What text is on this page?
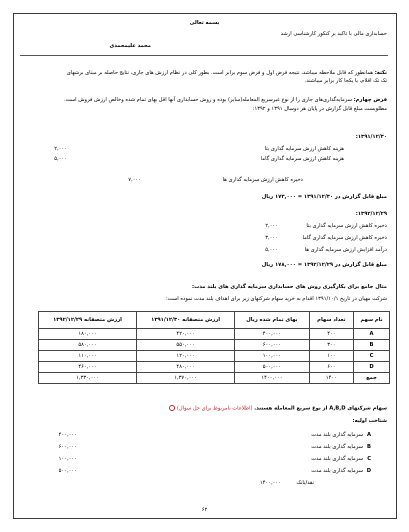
بسمه تعالی
حسابداری مالی با تاکید بر کنکور کارشناسی ارشد
محمد علیمحمدی
نکته: همانطور که قابل ملاحظه میباشد، نتیجه فرض اول و فرض سوم برابر است. بطور کلی در نظام ارزش های جاری، نتایج حاصله بر مبنای برشهای
تک تک اقلام، یا یکجا کار برابر میباشند.
فرض چهارم: سرمایه‌گذاری‌های جاری را از نوع غیرسریع المعامله(سایر) بوده و روش حسابداری آنها اقل بهای تمام شده وخالص ارزش فروش است.
مطلوبست مبلغ قابل گزارش در پایان هر دوسال ۱۳۹۱ و ۱۳۹۲:
۱۳۹۱/۱۲/۳۰:
هزینه کاهش ارزش سرمایه گذاری بتا
۲,۰۰۰
هزینه کاهش ارزش سرمایه گذاری گاما
۵,۰۰۰
ذخیره کاهش ارزش سرمایه گذاری ها
۷,۰۰۰
مبلغ قابل گزارش در ۱۳۹۱/۱۲/۳۰ = ۱۷۳,۰۰۰ ریال
۱۳۹۲/۱۲/۲۹:
ذخیره کاهش ارزش سرمایه گذاری بتا
۲,۰۰۰
ذخیره کاهش ارزش سرمایه گذاری گاما
۳,۰۰۰
درآمد افزایش ارزش سرمایه گذاری ها
۵,۰۰۰
مبلغ قابل گزارش در ۱۳۹۲/۱۲/۲۹ = ۱۷۸,۰۰۰ ریال
مثال جامع برای بکارگیری روش های حسابداری سرمایه گذاری های بلند مدت:
شرکت مهیان در تاریخ ۱۳۹۱/۱۰/۱ اقدام به خرید سهام شرکتهای زیر برای اهداف بلند مدت نموده است:
نام سهم	تعداد سهام	بهای تمام شده ریال	ارزش متصفانه ۱۳۹۱/۱۲/۳۰	ارزش متصفانه ۱۳۹۲/۱۲/۲۹
A	۴۰۰	۴۰۰,۰۰۰	۴۲۰,۰۰۰	۱۸۰,۰۰۰
B	۳۰۰	۶۰۰,۰۰۰	۵۵۰,۰۰۰	۵۸۰,۰۰۰
C	۱۰۰	۱۰۰,۰۰۰	۱۲۰,۰۰۰	۱۱۰,۰۰۰
D	۶۰۰	۵۰۰,۰۰۰	۴۸۰,۰۰۰	۴۶۰,۰۰۰
جمع	۱۴۰۰	۱۴۰۰,۰۰۰	۱,۳۷۰,۰۰۰	۱,۳۳۰,۰۰۰
سهام شرکتهای A,B,D از نوع سریع المعامله هستند. (اطلاعات نامربوط برای حل سوال)
شناخت اولیه:
سرمایه گذاری بلند مدت A
۴۰۰,۰۰۰
سرمایه گذاری بلند مدت B
۶۰۰,۰۰۰
سرمایه گذاری بلند مدت C
۱۰۰,۰۰۰
سرمایه گذاری بلند مدت D
۵۰۰,۰۰۰
نقد/بانک
۱۴۰۰,۰۰۰
۶۲
